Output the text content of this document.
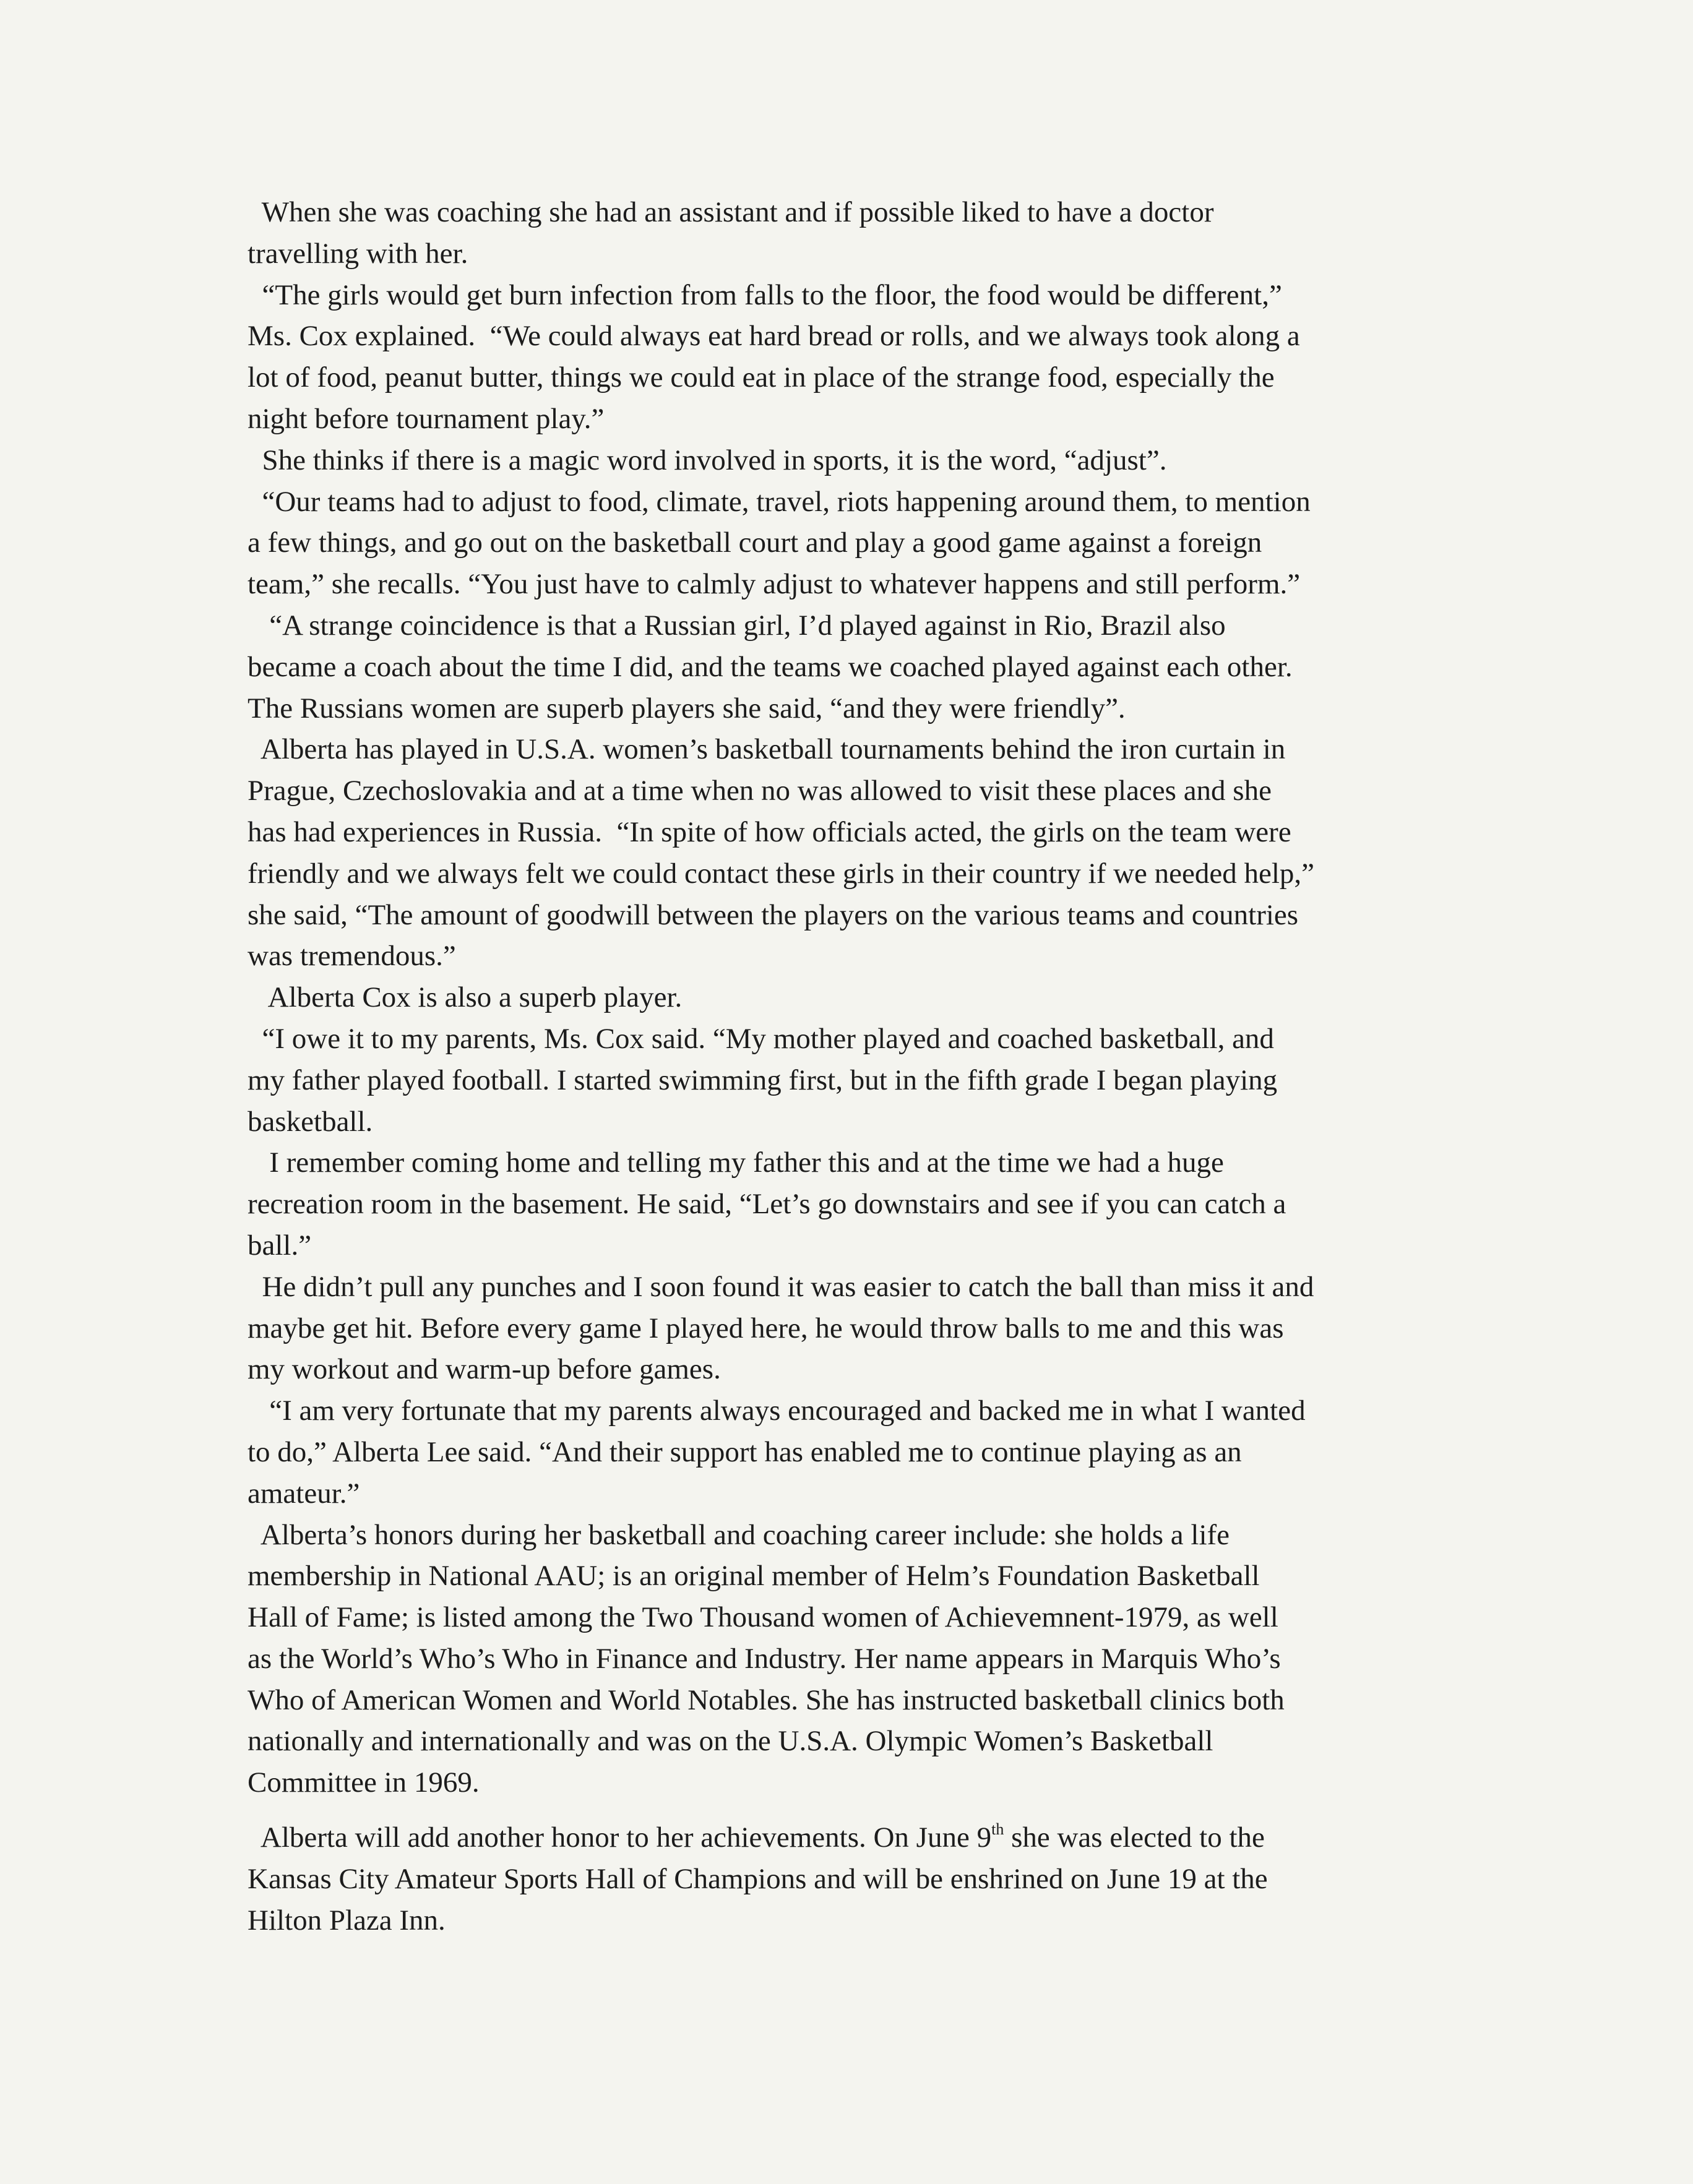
When she was coaching she had an assistant and if possible liked to have a doctor
travelling with her.
“The girls would get burn infection from falls to the floor, the food would be different,”
Ms. Cox explained.  “We could always eat hard bread or rolls, and we always took along a
lot of food, peanut butter, things we could eat in place of the strange food, especially the
night before tournament play.”
She thinks if there is a magic word involved in sports, it is the word, “adjust”.
“Our teams had to adjust to food, climate, travel, riots happening around them, to mention
a few things, and go out on the basketball court and play a good game against a foreign
team,” she recalls. “You just have to calmly adjust to whatever happens and still perform.”
“A strange coincidence is that a Russian girl, I’d played against in Rio, Brazil also
became a coach about the time I did, and the teams we coached played against each other.
The Russians women are superb players she said, “and they were friendly”.
Alberta has played in U.S.A. women’s basketball tournaments behind the iron curtain in
Prague, Czechoslovakia and at a time when no was allowed to visit these places and she
has had experiences in Russia.  “In spite of how officials acted, the girls on the team were
friendly and we always felt we could contact these girls in their country if we needed help,”
she said, “The amount of goodwill between the players on the various teams and countries
was tremendous.”
Alberta Cox is also a superb player.
“I owe it to my parents, Ms. Cox said. “My mother played and coached basketball, and
my father played football. I started swimming first, but in the fifth grade I began playing
basketball.
I remember coming home and telling my father this and at the time we had a huge
recreation room in the basement. He said, “Let’s go downstairs and see if you can catch a
ball.”
He didn’t pull any punches and I soon found it was easier to catch the ball than miss it and
maybe get hit. Before every game I played here, he would throw balls to me and this was
my workout and warm-up before games.
“I am very fortunate that my parents always encouraged and backed me in what I wanted
to do,” Alberta Lee said. “And their support has enabled me to continue playing as an
amateur.”
Alberta’s honors during her basketball and coaching career include: she holds a life
membership in National AAU; is an original member of Helm’s Foundation Basketball
Hall of Fame; is listed among the Two Thousand women of Achievemnent-1979, as well
as the World’s Who’s Who in Finance and Industry. Her name appears in Marquis Who’s
Who of American Women and World Notables. She has instructed basketball clinics both
nationally and internationally and was on the U.S.A. Olympic Women’s Basketball
Committee in 1969.
Alberta will add another honor to her achievements. On June 9th she was elected to the
Kansas City Amateur Sports Hall of Champions and will be enshrined on June 19 at the
Hilton Plaza Inn.
